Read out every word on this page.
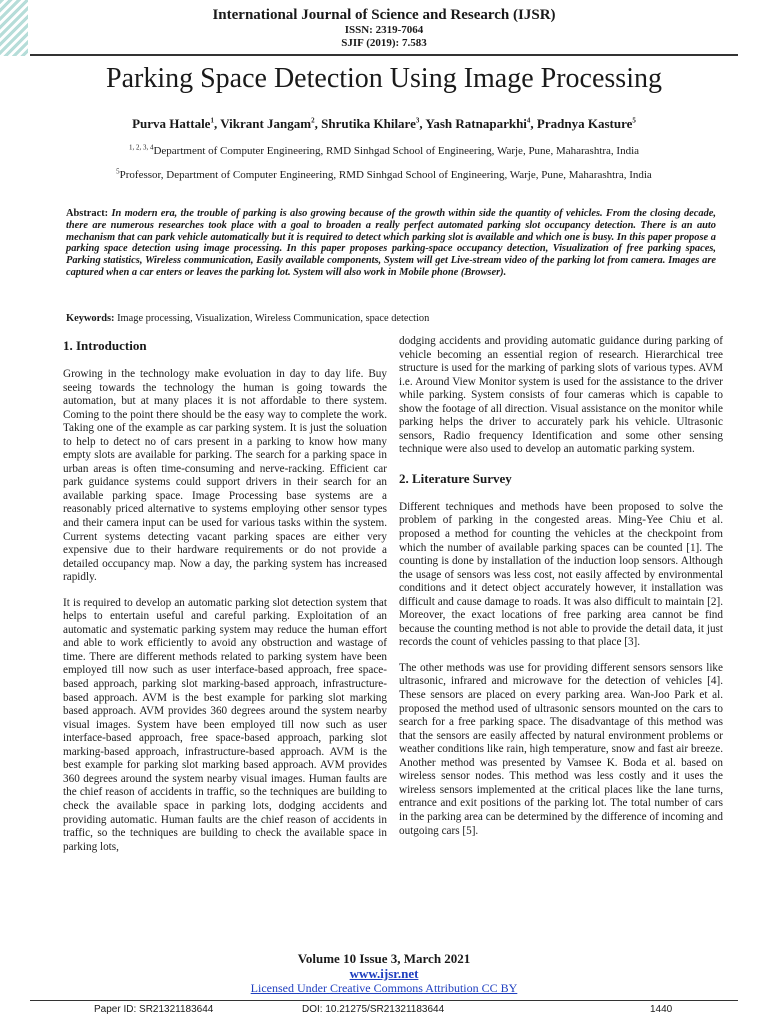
International Journal of Science and Research (IJSR)
ISSN: 2319-7064
SJIF (2019): 7.583
Parking Space Detection Using Image Processing
Purva Hattale$^1$, Vikrant Jangam$^2$, Shrutika Khilare$^3$, Yash Ratnaparkhi$^4$, Pradnya Kasture$^5$
$^{1, 2, 3, 4}$Department of Computer Engineering, RMD Sinhgad School of Engineering, Warje, Pune, Maharashtra, India
$^5$Professor, Department of Computer Engineering, RMD Sinhgad School of Engineering, Warje, Pune, Maharashtra, India
Abstract: In modern era, the trouble of parking is also growing because of the growth within side the quantity of vehicles. From the closing decade, there are numerous researches took place with a goal to broaden a really perfect automated parking slot occupancy detection. There is an auto mechanism that can park vehicle automatically but it is required to detect which parking slot is available and which one is busy. In this paper propose a parking space detection using image processing. In this paper proposes parking-space occupancy detection, Visualization of free parking spaces, Parking statistics, Wireless communication, Easily available components, System will get Live-stream video of the parking lot from camera. Images are captured when a car enters or leaves the parking lot. System will also work in Mobile phone (Browser).
Keywords: Image processing, Visualization, Wireless Communication, space detection
1. Introduction

Growing in the technology make evoluation in day to day life. Buy seeing towards the technology the human is going towards the automation, but at many places it is not affordable to there system. Coming to the point there should be the easy way to complete the work. Taking one of the example as car parking system. It is just the soluation to help to detect no of cars present in a parking to know how many empty slots are available for parking. The search for a parking space in urban areas is often time-consuming and nerve-racking. Efficient car park guidance systems could support drivers in their search for an available parking space. Image Processing base systems are a reasonably priced alternative to systems employing other sensor types and their camera input can be used for various tasks within the system. Current systems detecting vacant parking spaces are either very expensive due to their hardware requirements or do not provide a detailed occupancy map. Now a day, the parking system has increased rapidly.

It is required to develop an automatic parking slot detection system that helps to entertain useful and careful parking. Exploitation of an automatic and systematic parking system may reduce the human effort and able to work efficiently to avoid any obstruction and wastage of time. There are different methods related to parking system have been employed till now such as user interface-based approach, free space-based approach, parking slot marking-based approach, infrastructure-based approach. AVM is the best example for parking slot marking based approach. AVM provides 360 degrees around the system nearby visual images. System have been employed till now such as user interface-based approach, free space-based approach, parking slot marking-based approach, infrastructure-based approach. AVM is the best example for parking slot marking based approach. AVM provides 360 degrees around the system nearby visual images. Human faults are the chief reason of accidents in traffic, so the techniques are building to check the available space in parking lots, dodging accidents and providing automatic. Human faults are the chief reason of accidents in traffic, so the techniques are building to check the available space in parking lots,

dodging accidents and providing automatic guidance during parking of vehicle becoming an essential region of research. Hierarchical tree structure is used for the marking of parking slots of various types. AVM i.e. Around View Monitor system is used for the assistance to the driver while parking. System consists of four cameras which is capable to show the footage of all direction. Visual assistance on the monitor while parking helps the driver to accurately park his vehicle. Ultrasonic sensors, Radio frequency Identification and some other sensing technique were also used to develop an automatic parking system.

2. Literature Survey

Different techniques and methods have been proposed to solve the problem of parking in the congested areas. Ming-Yee Chiu et al. proposed a method for counting the vehicles at the checkpoint from which the number of available parking spaces can be counted [1]. The counting is done by installation of the induction loop sensors. Although the usage of sensors was less cost, not easily affected by environmental conditions and it detect object accurately however, it installation was difficult and cause damage to roads. It was also difficult to maintain [2]. Moreover, the exact locations of free parking area cannot be find because the counting method is not able to provide the detail data, it just records the count of vehicles passing to that place [3].

The other methods was use for providing different sensors sensors like ultrasonic, infrared and microwave for the detection of vehicles [4]. These sensors are placed on every parking area. Wan-Joo Park et al. proposed the method used of ultrasonic sensors mounted on the cars to search for a free parking space. The disadvantage of this method was that the sensors are easily affected by natural environment problems or weather conditions like rain, high temperature, snow and fast air breeze. Another method was presented by Vamsee K. Boda et al. based on wireless sensor nodes. This method was less costly and it uses the wireless sensors implemented at the critical places like the lane turns, entrance and exit positions of the parking lot. The total number of cars in the parking area can be determined by the difference of incoming and outgoing cars [5].

Volume 10 Issue 3, March 2021
www.ijsr.net
Licensed Under Creative Commons Attribution CC BY
Paper ID: SR21321183644	DOI: 10.21275/SR21321183644	1440
